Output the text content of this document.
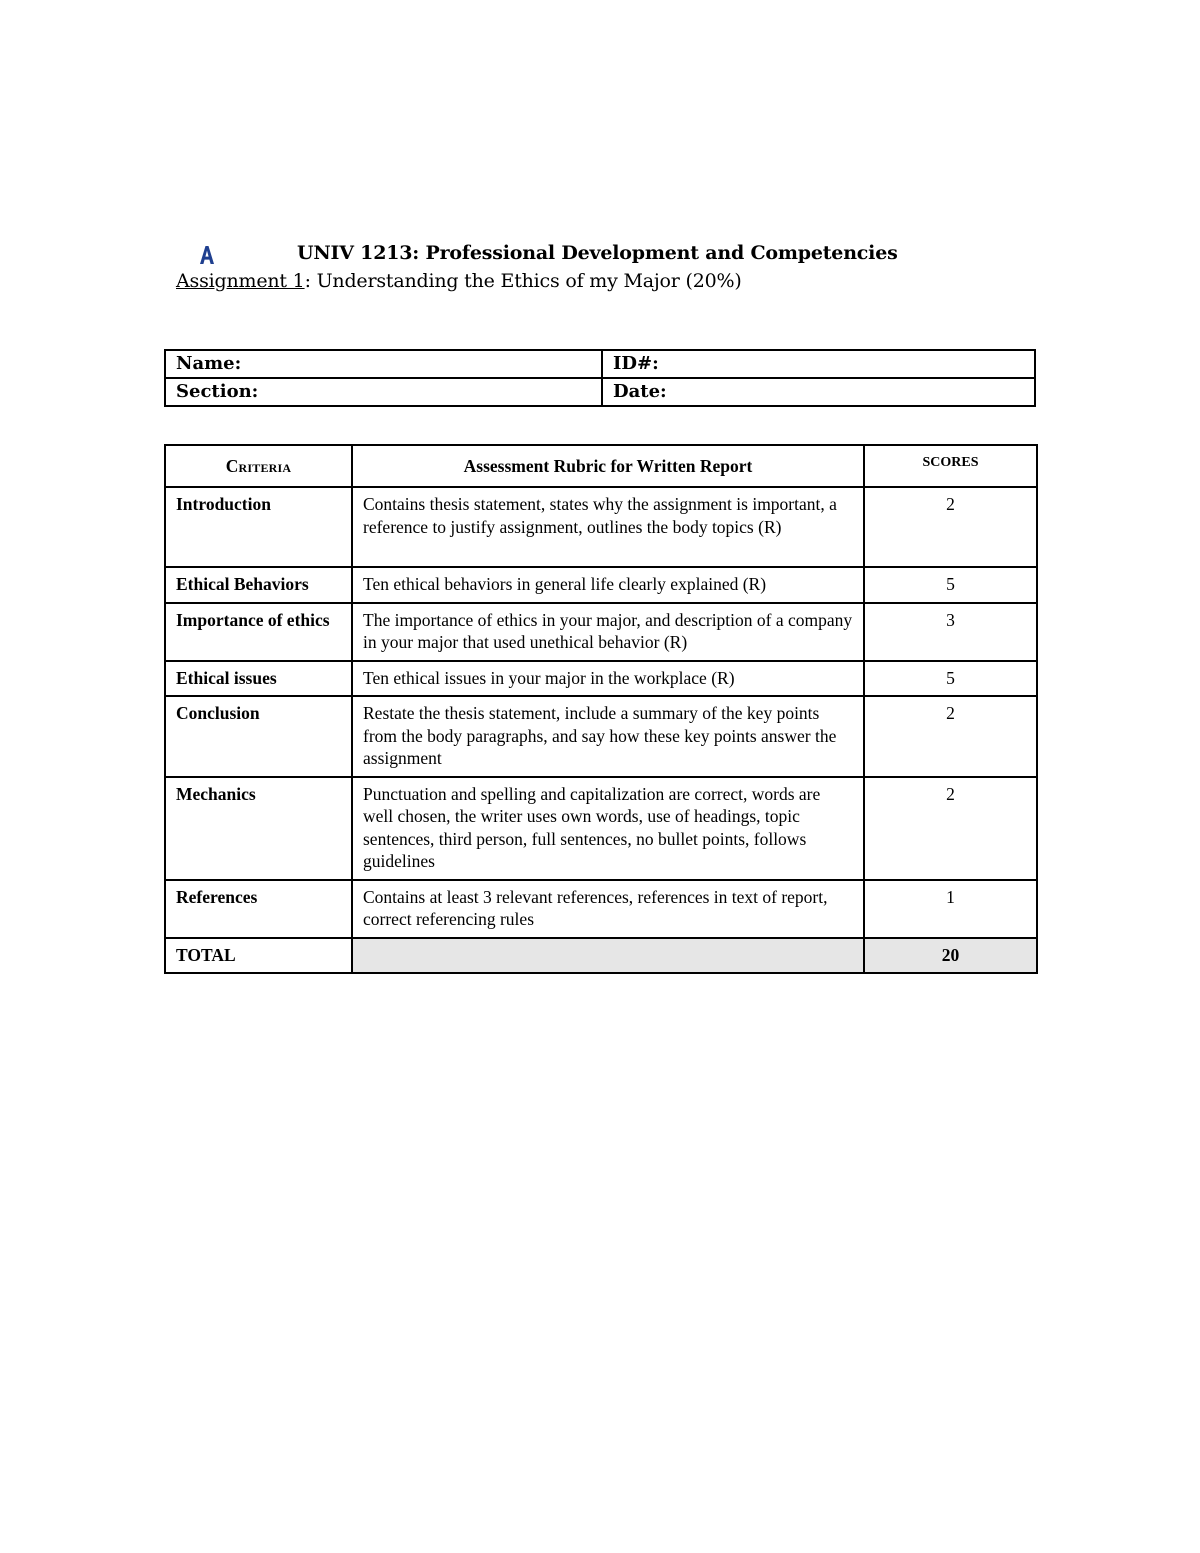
UNIV 1213: Professional Development and Competencies
Assignment 1: Understanding the Ethics of my Major (20%)
Name:	ID#:
Section:	Date:
Criteria	Assessment Rubric for Written Report	SCORES
Introduction	Contains thesis statement, states why the assignment is important, a reference to justify assignment, outlines the body topics (R)	2
Ethical Behaviors	Ten ethical behaviors in general life clearly explained (R)	5
Importance of ethics	The importance of ethics in your major, and description of a company in your major that used unethical behavior (R)	3
Ethical issues	Ten ethical issues in your major in the workplace (R)	5
Conclusion	Restate the thesis statement, include a summary of the key points from the body paragraphs, and say how these key points answer the assignment	2
Mechanics	Punctuation and spelling and capitalization are correct, words are well chosen, the writer uses own words, use of headings, topic sentences, third person, full sentences, no bullet points, follows guidelines	2
References	Contains at least 3 relevant references, references in text of report, correct referencing rules	1
TOTAL		20
